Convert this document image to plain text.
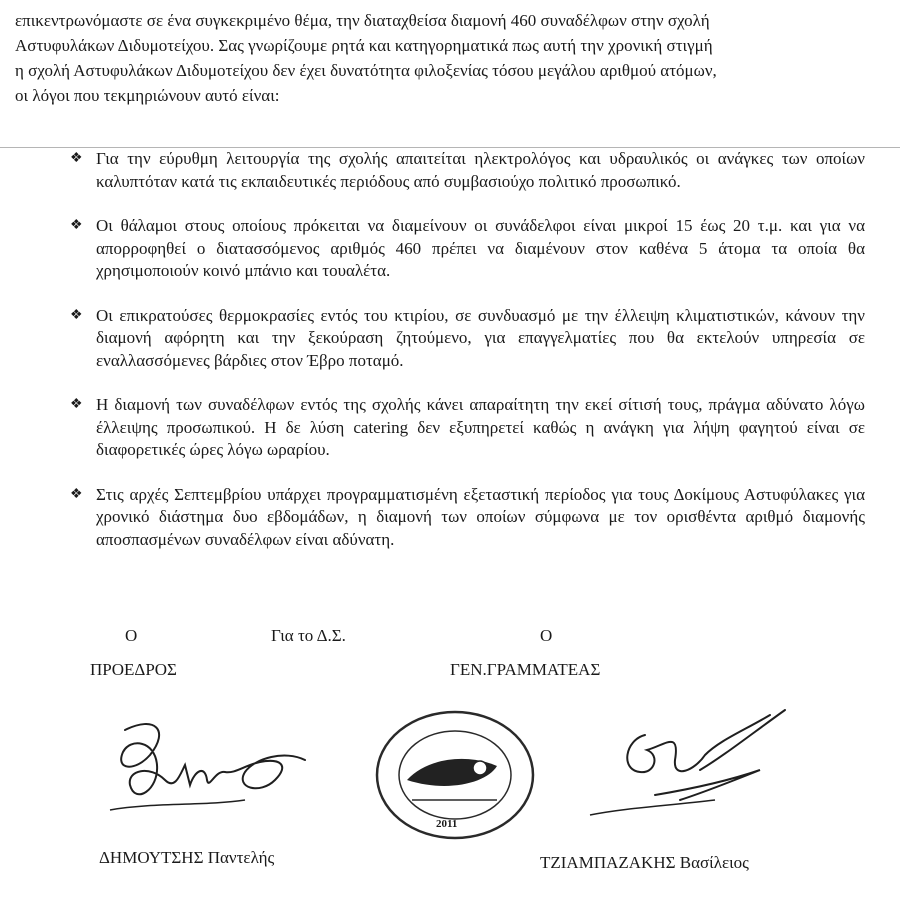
επικεντρωνόμαστε σε ένα συγκεκριμένο θέμα, την διαταχθείσα διαμονή 460 συναδέλφων στην σχολή
Αστυφυλάκων Διδυμοτείχου. Σας γνωρίζουμε ρητά και κατηγορηματικά πως αυτή την χρονική στιγμή
η σχολή Αστυφυλάκων Διδυμοτείχου δεν έχει δυνατότητα φιλοξενίας τόσου μεγάλου αριθμού ατόμων,
οι λόγοι που τεκμηριώνουν αυτό είναι:
❖ Για την εύρυθμη λειτουργία της σχολής απαιτείται ηλεκτρολόγος και υδραυλικός οι ανάγκες των οποίων καλυπτόταν κατά τις εκπαιδευτικές περιόδους από συμβασιούχο πολιτικό προσωπικό.
❖ Οι θάλαμοι στους οποίους πρόκειται να διαμείνουν οι συνάδελφοι είναι μικροί 15 έως 20 τ.μ. και για να απορροφηθεί ο διατασσόμενος αριθμός 460 πρέπει να διαμένουν στον καθένα 5 άτομα τα οποία θα χρησιμοποιούν κοινό μπάνιο και τουαλέτα.
❖ Οι επικρατούσες θερμοκρασίες εντός του κτιρίου, σε συνδυασμό με την έλλειψη κλιματιστικών, κάνουν την διαμονή αφόρητη και την ξεκούραση ζητούμενο, για επαγγελματίες που θα εκτελούν υπηρεσία σε εναλλασσόμενες βάρδιες στον Έβρο ποταμό.
❖ Η διαμονή των συναδέλφων εντός της σχολής κάνει απαραίτητη την εκεί σίτισή τους, πράγμα αδύνατο λόγω έλλειψης προσωπικού. Η δε λύση catering δεν εξυπηρετεί καθώς η ανάγκη για λήψη φαγητού είναι σε διαφορετικές ώρες λόγω ωραρίου.
❖ Στις αρχές Σεπτεμβρίου υπάρχει προγραμματισμένη εξεταστική περίοδος για τους Δοκίμους Αστυφύλακες για χρονικό διάστημα δυο εβδομάδων, η διαμονή των οποίων σύμφωνα με τον ορισθέντα αριθμό διαμονής αποσπασμένων συναδέλφων είναι αδύνατη.
Ο	Για το Δ.Σ.	Ο
ΠΡΟΕΔΡΟΣ	ΓΕΝ.ΓΡΑΜΜΑΤΕΑΣ
2011
ΔΗΜΟΥΤΣΗΣ Παντελής	ΤΖΙΑΜΠΑΖΑΚΗΣ Βασίλειος
